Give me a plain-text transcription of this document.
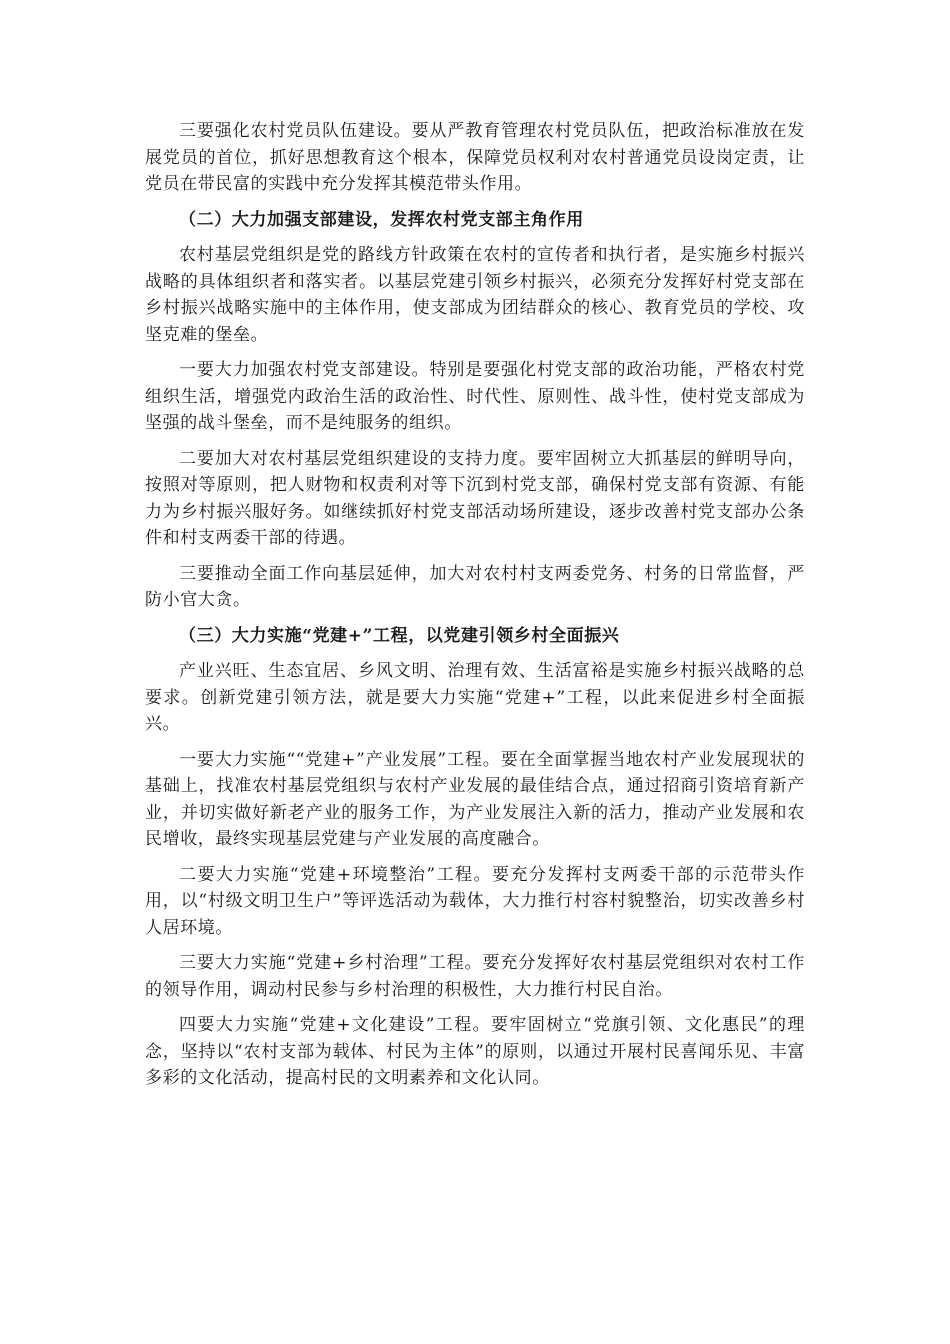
三要强化农村党员队伍建设。要从严教育管理农村党员队伍，把政治标准放在发展党员的首位，抓好思想教育这个根本，保障党员权利对农村普通党员设岗定责，让党员在带民富的实践中充分发挥其模范带头作用。

（二）大力加强支部建设，发挥农村党支部主角作用

农村基层党组织是党的路线方针政策在农村的宣传者和执行者，是实施乡村振兴战略的具体组织者和落实者。以基层党建引领乡村振兴，必须充分发挥好村党支部在乡村振兴战略实施中的主体作用，使支部成为团结群众的核心、教育党员的学校、攻坚克难的堡垒。

一要大力加强农村党支部建设。特别是要强化村党支部的政治功能，严格农村党组织生活，增强党内政治生活的政治性、时代性、原则性、战斗性，使村党支部成为坚强的战斗堡垒，而不是纯服务的组织。

二要加大对农村基层党组织建设的支持力度。要牢固树立大抓基层的鲜明导向，按照对等原则，把人财物和权责利对等下沉到村党支部，确保村党支部有资源、有能力为乡村振兴服好务。如继续抓好村党支部活动场所建设，逐步改善村党支部办公条件和村支两委干部的待遇。

三要推动全面工作向基层延伸，加大对农村村支两委党务、村务的日常监督，严防小官大贪。

（三）大力实施“党建+”工程，以党建引领乡村全面振兴

产业兴旺、生态宜居、乡风文明、治理有效、生活富裕是实施乡村振兴战略的总要求。创新党建引领方法，就是要大力实施“党建+”工程，以此来促进乡村全面振兴。

一要大力实施““党建+”产业发展”工程。要在全面掌握当地农村产业发展现状的基础上，找准农村基层党组织与农村产业发展的最佳结合点，通过招商引资培育新产业，并切实做好新老产业的服务工作，为产业发展注入新的活力，推动产业发展和农民增收，最终实现基层党建与产业发展的高度融合。

二要大力实施“党建+环境整治”工程。要充分发挥村支两委干部的示范带头作用，以“村级文明卫生户”等评选活动为载体，大力推行村容村貌整治，切实改善乡村人居环境。

三要大力实施“党建+乡村治理”工程。要充分发挥好农村基层党组织对农村工作的领导作用，调动村民参与乡村治理的积极性，大力推行村民自治。

四要大力实施“党建+文化建设”工程。要牢固树立“党旗引领、文化惠民”的理念，坚持以“农村支部为载体、村民为主体”的原则，以通过开展村民喜闻乐见、丰富多彩的文化活动，提高村民的文明素养和文化认同。
